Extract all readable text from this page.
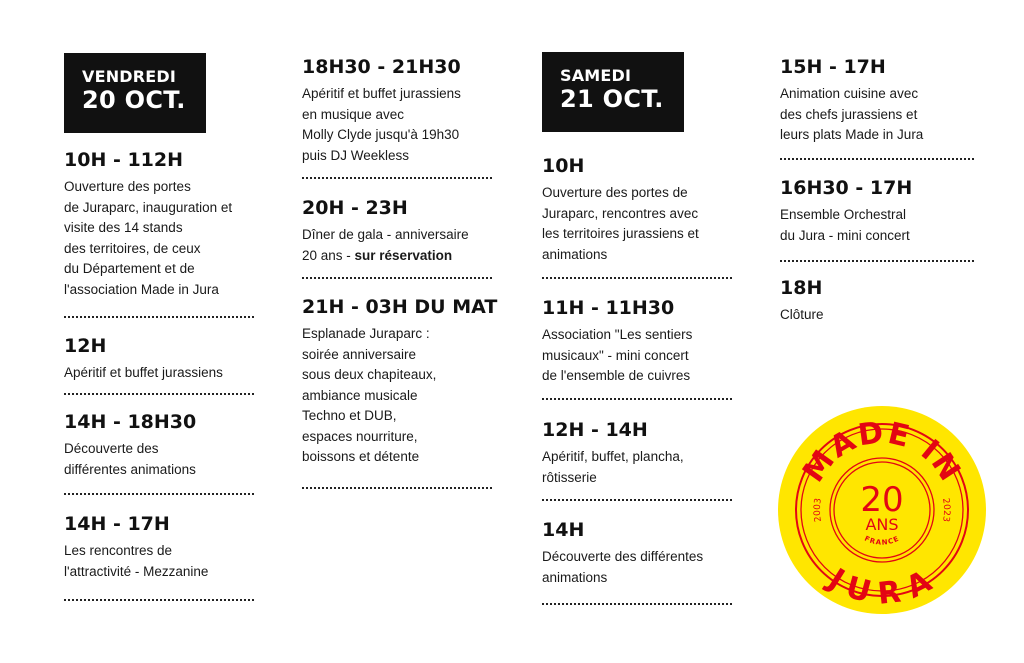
VENDREDI
20 OCT.
10H - 112H
Ouverture des portes
de Juraparc, inauguration et
visite des 14 stands
des territoires, de ceux
du Département et de
l'association Made in Jura
12H
Apéritif et buffet jurassiens
14H - 18H30
Découverte des
différentes animations
14H - 17H
Les rencontres de
l'attractivité - Mezzanine
18H30 - 21H30
Apéritif et buffet jurassiens
en musique avec
Molly Clyde jusqu'à 19h30
puis DJ Weekless
20H - 23H
Dîner de gala - anniversaire
20 ans - sur réservation
21H - 03H DU MAT
Esplanade Juraparc :
soirée anniversaire
sous deux chapiteaux,
ambiance musicale
Techno et DUB,
espaces nourriture,
boissons et détente
SAMEDI
21 OCT.
10H
Ouverture des portes de
Juraparc, rencontres avec
les territoires jurassiens et
animations
11H - 11H30
Association "Les sentiers
musicaux" - mini concert
de l'ensemble de cuivres
12H - 14H
Apéritif, buffet, plancha,
rôtisserie
14H
Découverte des différentes
animations
15H - 17H
Animation cuisine avec
des chefs jurassiens et
leurs plats Made in Jura
16H30 - 17H
Ensemble Orchestral
du Jura - mini concert
18H
Clôture
MADE IN
JURA
2003	2023
20
ANS
FRANCE
